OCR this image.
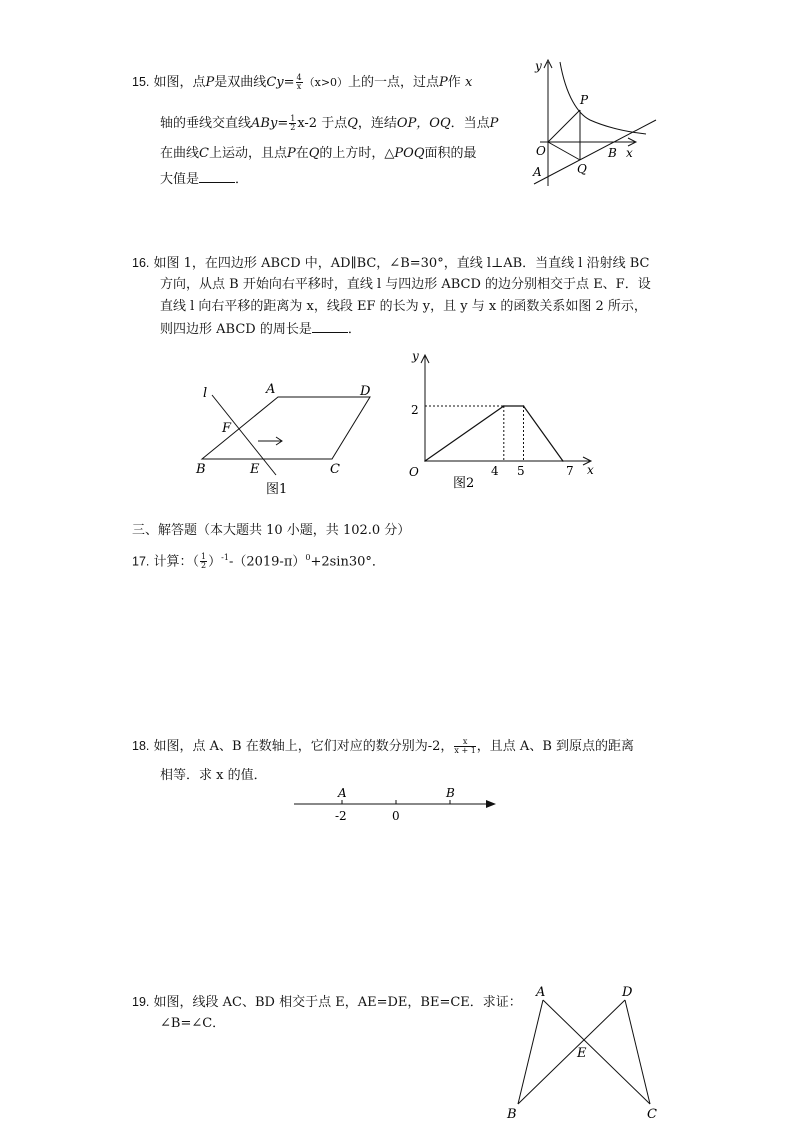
15. 如图，点P是双曲线$Cy= \frac{4}{x} (x>0)$上的一点，过点P作 x
轴的垂线交直线$ABy= \frac{1}{2} x-2$ 于点Q，连结OP，OQ．当点P
在曲线C上运动，且点P在Q的上方时，△POQ面积的最
大值是	．
y
x
O
P
Q
A
B
16. 如图 1，在四边形 ABCD 中，AD∥BC，∠B=30°，直线 l⊥AB．当直线 l 沿射线 BC
方向，从点 B 开始向右平移时，直线 l 与四边形 ABCD 的边分别相交于点 E、F．设
直线 l 向右平移的距离为 x，线段 EF 的长为 y，且 y 与 x 的函数关系如图 2 所示，
则四边形 ABCD 的周长是	．
l	A	D
F
B	E	C
图1
y
x
O
2
4 5	7
图2
三、解答题（本大题共 10 小题，共 102.0 分）
17. 计算：（ $\frac{1}{2} )^{-1}-(2019-\pi)^0+2\sin 30^\circ$．
18. 如图，点 A、B 在数轴上，它们对应的数分别为-2， $\frac{x}{x + 1}$ ，且点 A、B 到原点的距离
相等．求 x 的值．
A	B
-2	0
19. 如图，线段 AC、BD 相交于点 E，AE=DE，BE=CE．求证：
∠B=∠C．
A	D
E
B	C
